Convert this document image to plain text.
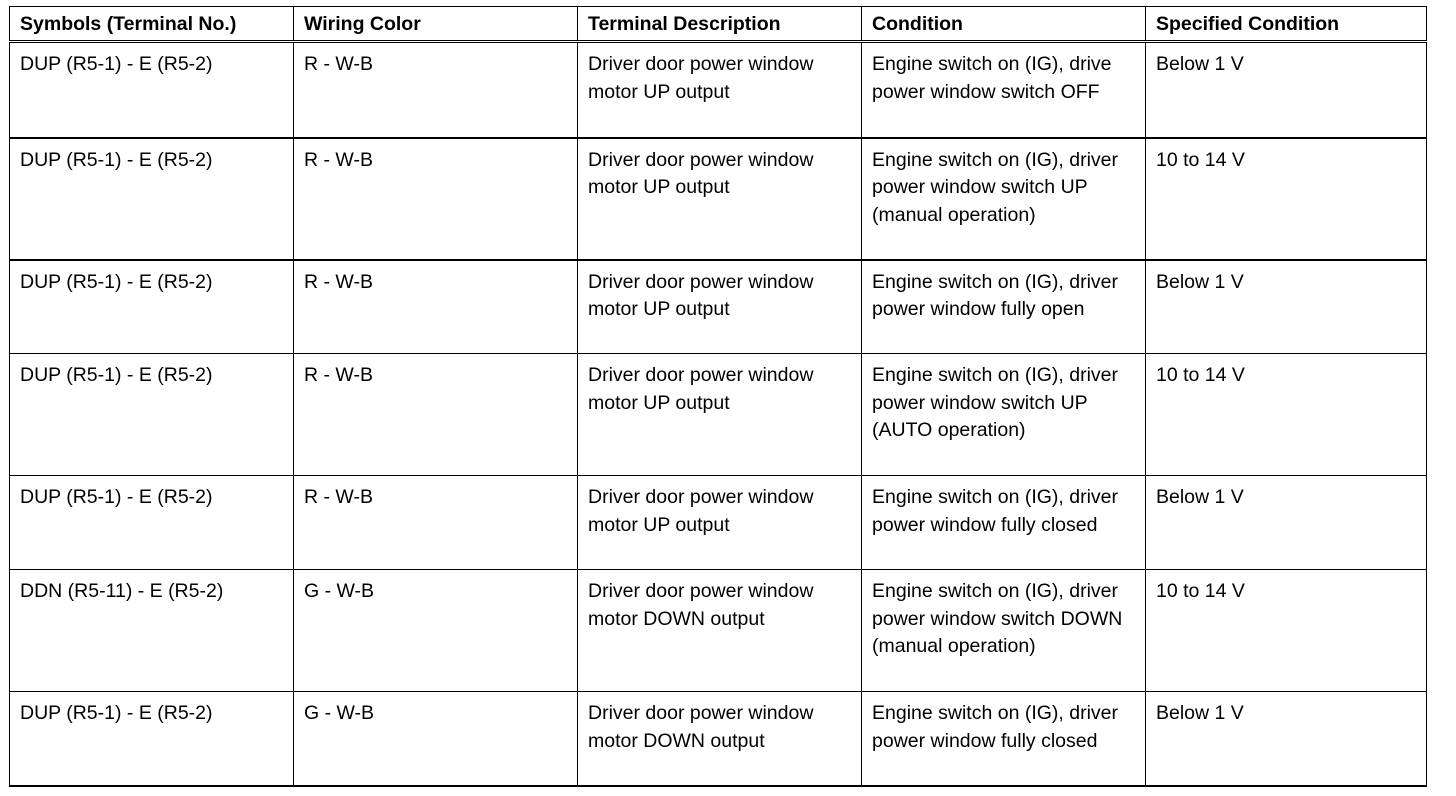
Symbols (Terminal No.)	Wiring Color	Terminal Description	Condition	Specified Condition
DUP (R5-1) - E (R5-2)	R - W-B	Driver door power window motor UP output	Engine switch on (IG), drive power window switch OFF	Below 1 V
DUP (R5-1) - E (R5-2)	R - W-B	Driver door power window motor UP output	Engine switch on (IG), driver power window switch UP (manual operation)	10 to 14 V
DUP (R5-1) - E (R5-2)	R - W-B	Driver door power window motor UP output	Engine switch on (IG), driver power window fully open	Below 1 V
DUP (R5-1) - E (R5-2)	R - W-B	Driver door power window motor UP output	Engine switch on (IG), driver power window switch UP (AUTO operation)	10 to 14 V
DUP (R5-1) - E (R5-2)	R - W-B	Driver door power window motor UP output	Engine switch on (IG), driver power window fully closed	Below 1 V
DDN (R5-11) - E (R5-2)	G - W-B	Driver door power window motor DOWN output	Engine switch on (IG), driver power window switch DOWN (manual operation)	10 to 14 V
DUP (R5-1) - E (R5-2)	G - W-B	Driver door power window motor DOWN output	Engine switch on (IG), driver power window fully closed	Below 1 V
